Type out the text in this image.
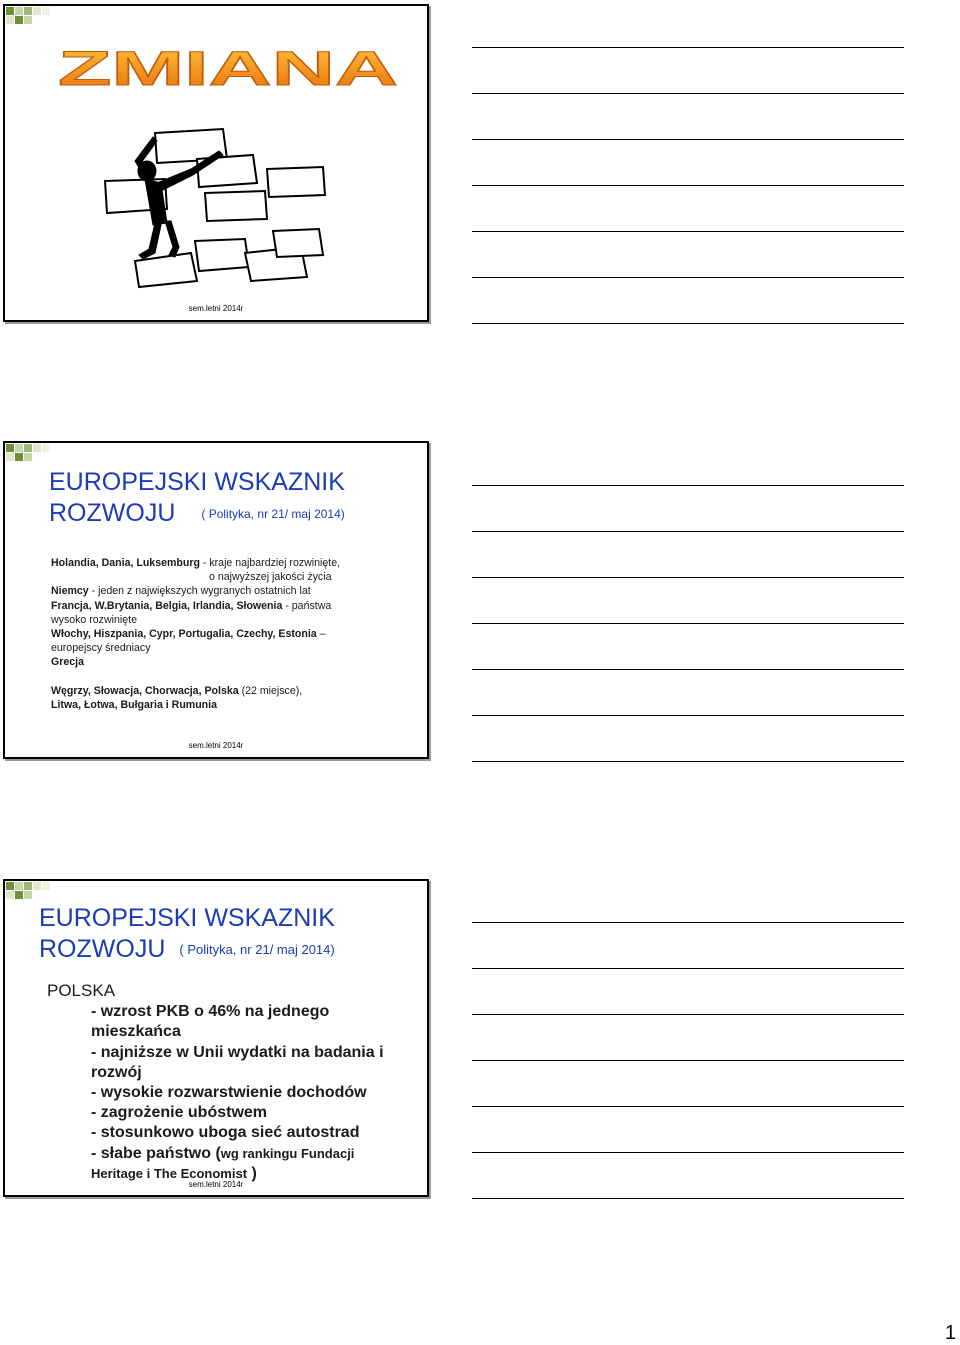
ZMIANA
sem.letni 2014r
EUROPEJSKI WSKAZNIK
ROZWOJU $^{( Polityka, nr 21/ maj 2014)}$

Holandia, Dania, Luksemburg - kraje najbardziej rozwinięte,

o najwyższej jakości życia

Niemcy - jeden z największych wygranych ostatnich lat

Francja, W.Brytania, Belgia, Irlandia, Słowenia - państwa

wysoko rozwinięte

Włochy, Hiszpania, Cypr, Portugalia, Czechy, Estonia –

europejscy średniacy

Grecja

Węgrzy, Słowacja, Chorwacja, Polska (22 miejsce),

Litwa, Łotwa, Bułgaria i Rumunia

sem.letni 2014r
EUROPEJSKI WSKAZNIK
ROZWOJU $^{( Polityka, nr 21/ maj 2014)}$
POLSKA
- wzrost PKB o 46% na jednego
mieszkańca
- najniższe w Unii wydatki na badania i
rozwój
- wysokie rozwarstwienie dochodów
- zagrożenie ubóstwem
- stosunkowo uboga sieć autostrad
- słabe państwo (wg rankingu Fundacji
Heritage i The Economist )
sem.letni 2014r
1
